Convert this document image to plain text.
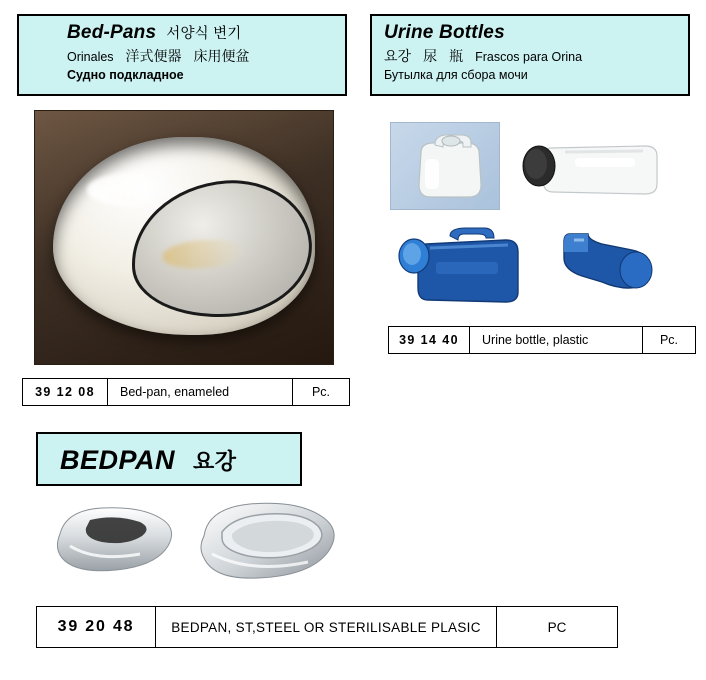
Bed-Pans 서양식 변기
Orinales 洋式便器 床用便盆
Судно подкладное
39 12 08	Bed-pan, enameled	Pc.
Urine Bottles
요강 尿 瓶 Frascos para Orina
Бутылка для сбора мочи
39 14 40	Urine bottle, plastic	Pc.
BEDPAN 요강
39 20 48	BEDPAN, ST,STEEL OR STERILISABLE PLASIC	PC
